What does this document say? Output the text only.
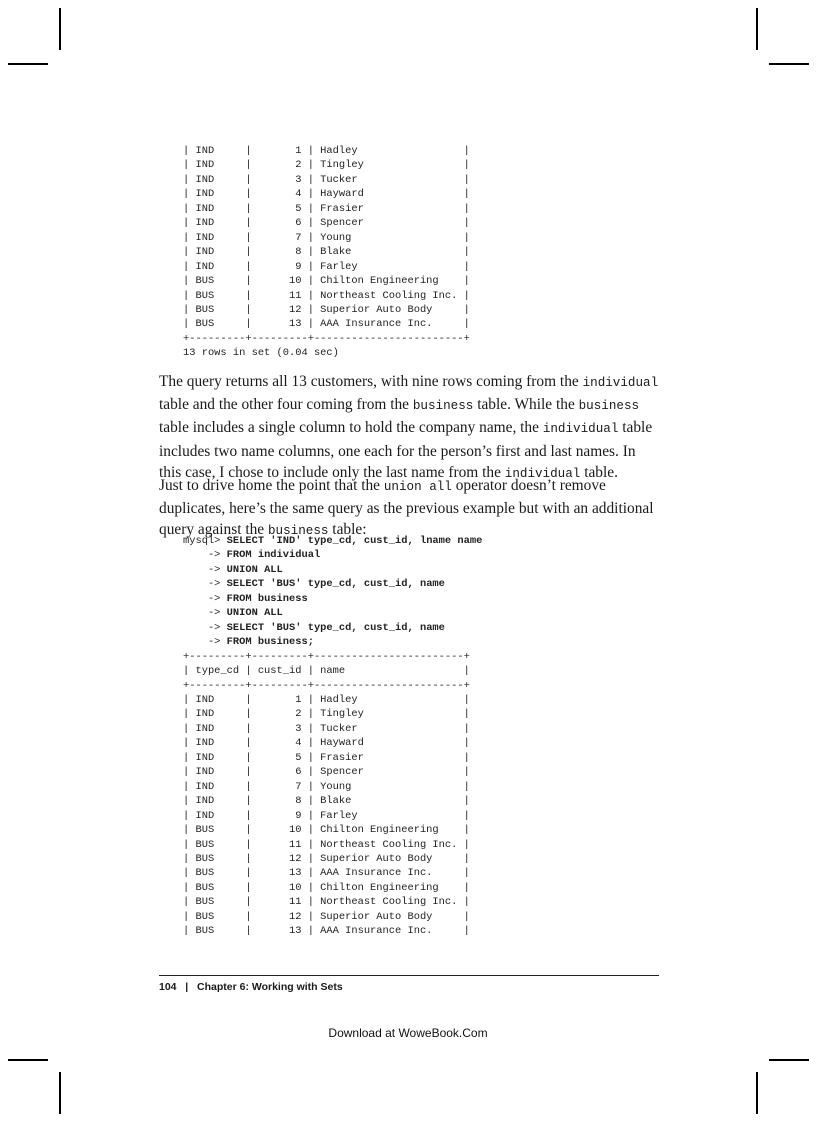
| IND     |       1 | Hadley                 |
| IND     |       2 | Tingley                |
| IND     |       3 | Tucker                 |
| IND     |       4 | Hayward                |
| IND     |       5 | Frasier                |
| IND     |       6 | Spencer                |
| IND     |       7 | Young                  |
| IND     |       8 | Blake                  |
| IND     |       9 | Farley                 |
| BUS     |      10 | Chilton Engineering    |
| BUS     |      11 | Northeast Cooling Inc. |
| BUS     |      12 | Superior Auto Body     |
| BUS     |      13 | AAA Insurance Inc.     |
+---------+---------+------------------------+
13 rows in set (0.04 sec)

The query returns all 13 customers, with nine rows coming from the individual table and the other four coming from the business table. While the business table includes a single column to hold the company name, the individual table includes two name columns, one each for the person’s first and last names. In this case, I chose to include only the last name from the individual table.

Just to drive home the point that the union all operator doesn’t remove duplicates, here’s the same query as the previous example but with an additional query against the business table:

mysql> SELECT 'IND' type_cd, cust_id, lname name
-> FROM individual
-> UNION ALL
-> SELECT 'BUS' type_cd, cust_id, name
-> FROM business
-> UNION ALL
-> SELECT 'BUS' type_cd, cust_id, name
-> FROM business;
+---------+---------+------------------------+
| type_cd | cust_id | name                   |
+---------+---------+------------------------+
| IND     |       1 | Hadley                 |
| IND     |       2 | Tingley                |
| IND     |       3 | Tucker                 |
| IND     |       4 | Hayward                |
| IND     |       5 | Frasier                |
| IND     |       6 | Spencer                |
| IND     |       7 | Young                  |
| IND     |       8 | Blake                  |
| IND     |       9 | Farley                 |
| BUS     |      10 | Chilton Engineering    |
| BUS     |      11 | Northeast Cooling Inc. |
| BUS     |      12 | Superior Auto Body     |
| BUS     |      13 | AAA Insurance Inc.     |
| BUS     |      10 | Chilton Engineering    |
| BUS     |      11 | Northeast Cooling Inc. |
| BUS     |      12 | Superior Auto Body     |
| BUS     |      13 | AAA Insurance Inc.     |
104 | Chapter 6: Working with Sets
Download at WoweBook.Com
